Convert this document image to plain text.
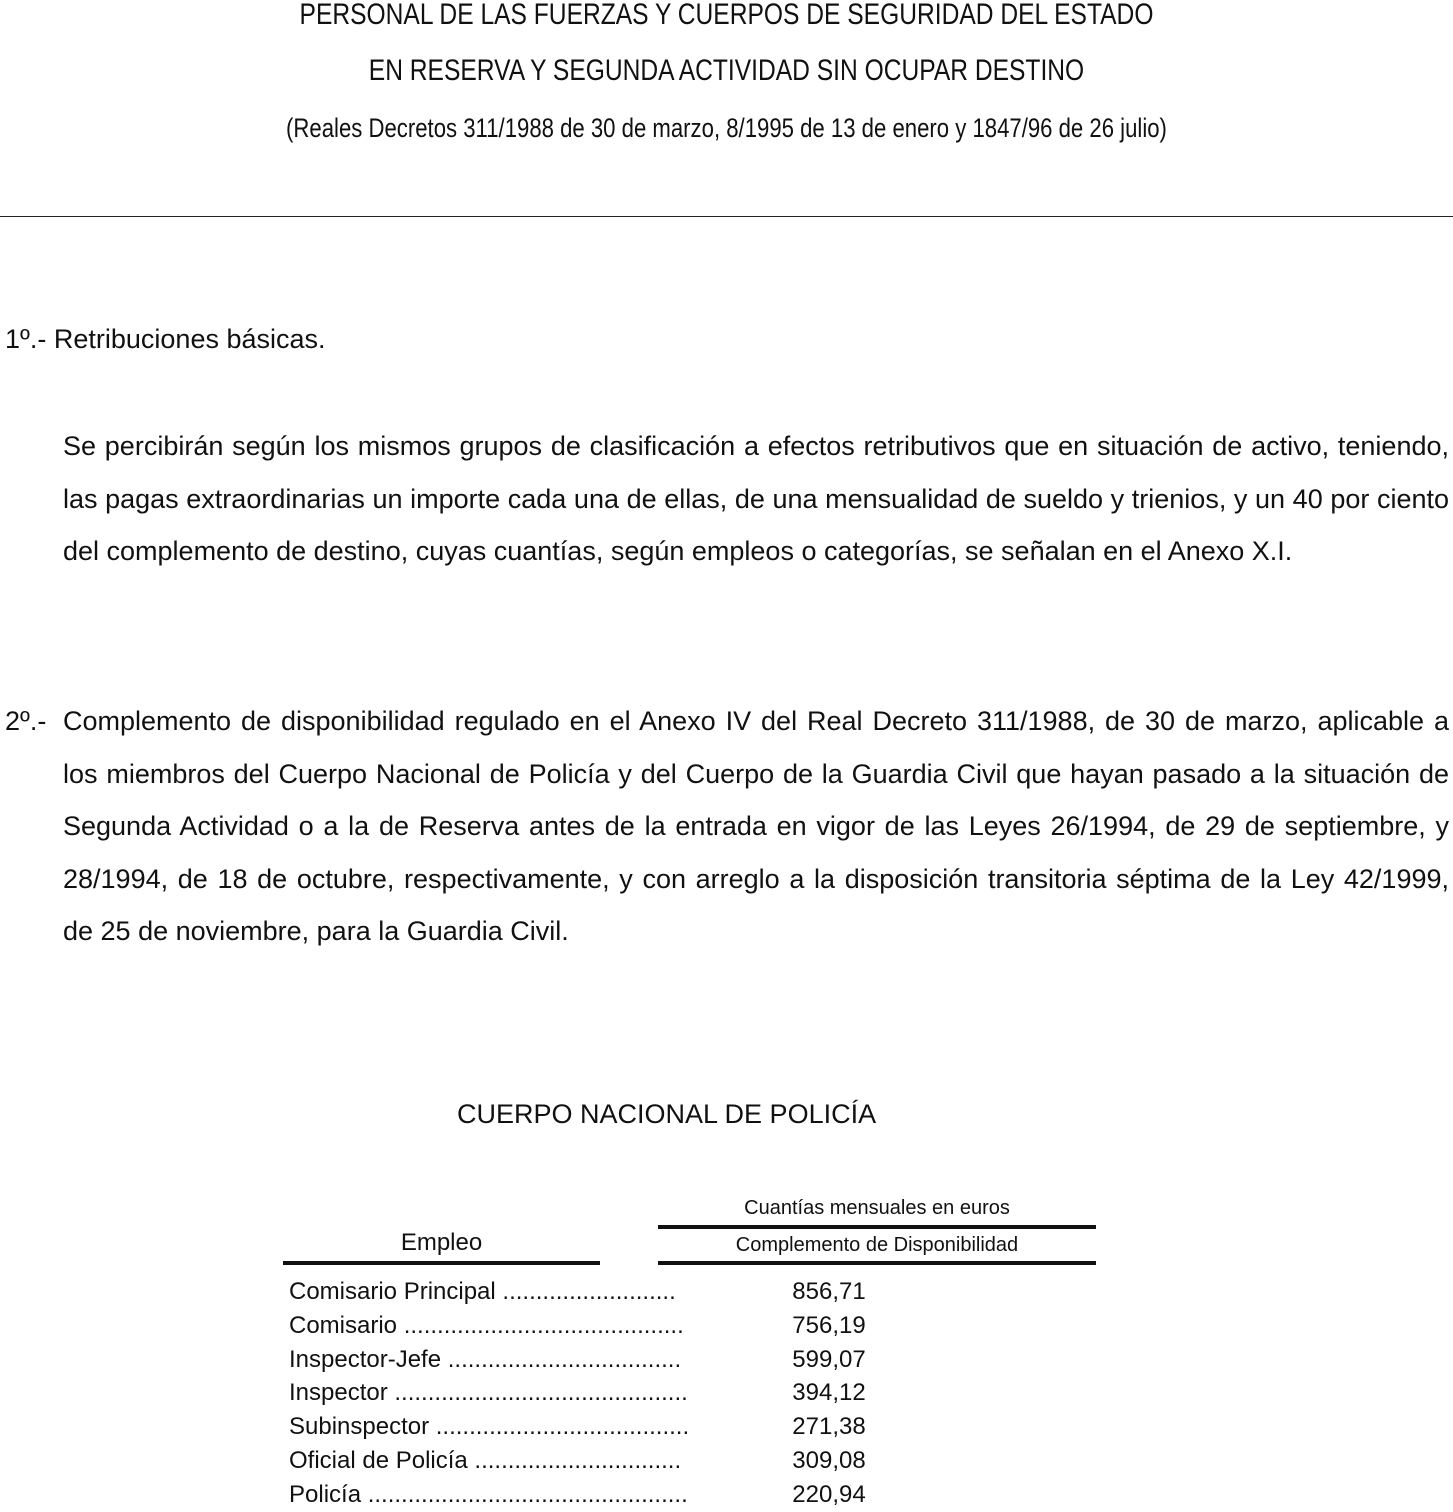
PERSONAL DE LAS FUERZAS Y CUERPOS DE SEGURIDAD DEL ESTADO
EN RESERVA Y SEGUNDA ACTIVIDAD SIN OCUPAR DESTINO
(Reales Decretos 311/1988 de 30 de marzo, 8/1995 de 13 de enero y 1847/96 de 26 julio)
1º.- Retribuciones básicas.
Se percibirán según los mismos grupos de clasificación a efectos retributivos que en situación de activo, teniendo, las pagas extraordinarias un importe cada una de ellas, de una mensualidad de sueldo y trienios, y un 40 por ciento del complemento de destino, cuyas cuantías, según empleos o categorías, se señalan en el Anexo X.I.
2º.- Complemento de disponibilidad regulado en el Anexo IV del Real Decreto 311/1988, de 30 de marzo, aplicable a los miembros del Cuerpo Nacional de Policía y del Cuerpo de la Guardia Civil que hayan pasado a la situación de Segunda Actividad o a la de Reserva antes de la entrada en vigor de las Leyes 26/1994, de 29 de septiembre, y 28/1994, de 18 de octubre, respectivamente, y con arreglo a la disposición transitoria séptima de la Ley 42/1999, de 25 de noviembre, para la Guardia Civil.
CUERPO NACIONAL DE POLICÍA
Cuantías mensuales en euros
Empleo	Complemento de Disponibilidad
Comisario Principal ..........................	856,71
Comisario ..........................................	756,19
Inspector-Jefe ...................................	599,07
Inspector ............................................	394,12
Subinspector ......................................	271,38
Oficial de Policía ...............................	309,08
Policía ................................................	220,94
